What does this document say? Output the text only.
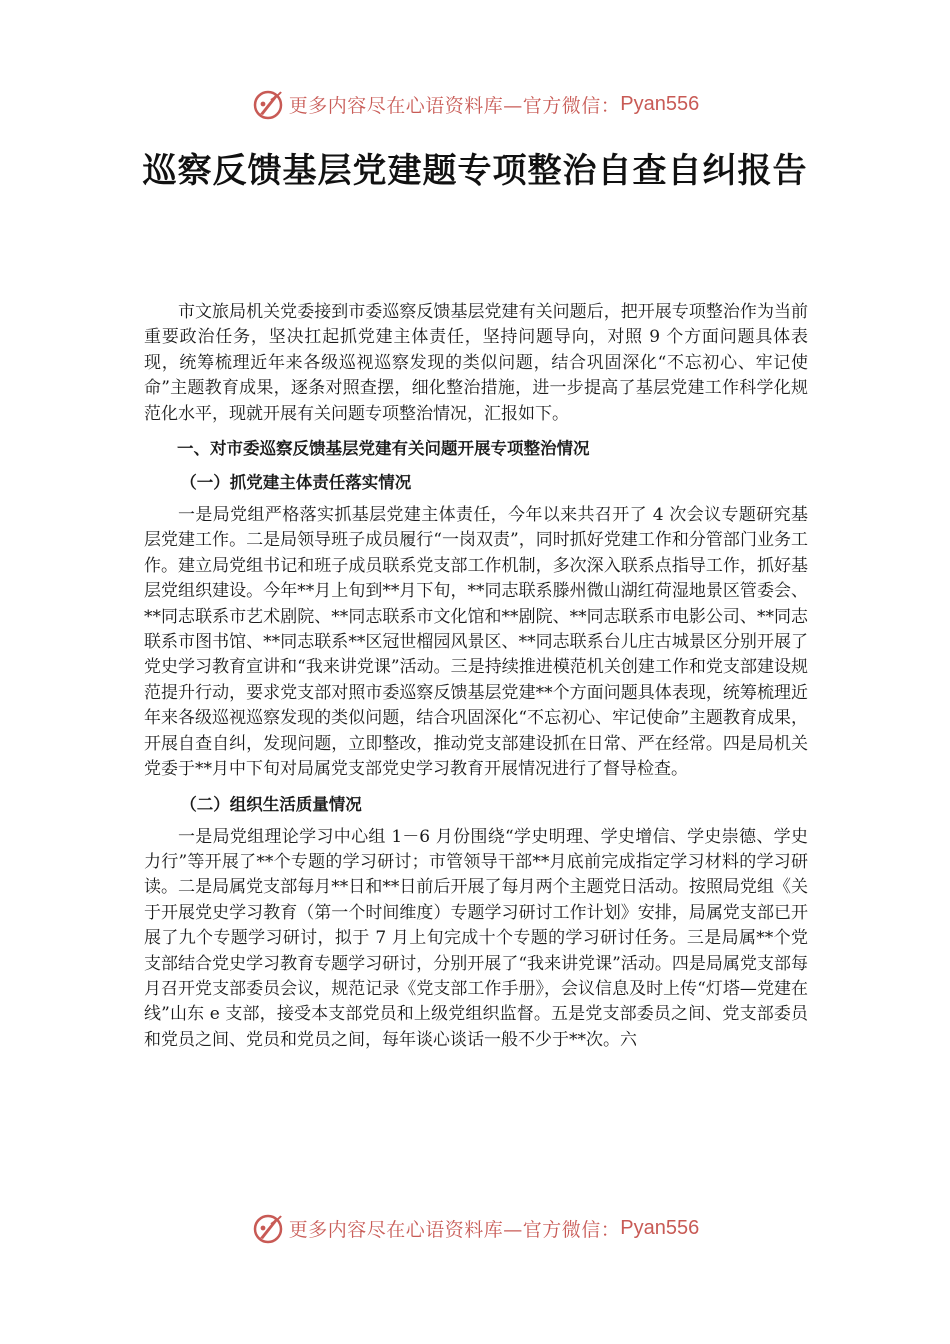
更多内容尽在心语资料库—官方微信： Pyan556
巡察反馈基层党建题专项整治自查自纠报告

市文旅局机关党委接到市委巡察反馈基层党建有关问题后，把开展专项整治作为当前重要政治任务，坚决扛起抓党建主体责任，坚持问题导向，对照 9 个方面问题具体表现，统筹梳理近年来各级巡视巡察发现的类似问题，结合巩固深化“不忘初心、牢记使命”主题教育成果，逐条对照查摆，细化整治措施，进一步提高了基层党建工作科学化规范化水平，现就开展有关问题专项整治情况，汇报如下。

一、对市委巡察反馈基层党建有关问题开展专项整治情况
（一）抓党建主体责任落实情况

一是局党组严格落实抓基层党建主体责任，今年以来共召开了 4 次会议专题研究基层党建工作。二是局领导班子成员履行“一岗双责”，同时抓好党建工作和分管部门业务工作。建立局党组书记和班子成员联系党支部工作机制，多次深入联系点指导工作，抓好基层党组织建设。今年**月上旬到**月下旬，**同志联系滕州微山湖红荷湿地景区管委会、**同志联系市艺术剧院、**同志联系市文化馆和**剧院、**同志联系市电影公司、**同志联系市图书馆、**同志联系**区冠世榴园风景区、**同志联系台儿庄古城景区分别开展了党史学习教育宣讲和“我来讲党课”活动。三是持续推进模范机关创建工作和党支部建设规范提升行动，要求党支部对照市委巡察反馈基层党建**个方面问题具体表现，统筹梳理近年来各级巡视巡察发现的类似问题，结合巩固深化“不忘初心、牢记使命”主题教育成果，开展自查自纠，发现问题，立即整改，推动党支部建设抓在日常、严在经常。四是局机关党委于**月中下旬对局属党支部党史学习教育开展情况进行了督导检查。

（二）组织生活质量情况

一是局党组理论学习中心组 1－6 月份围绕“学史明理、学史增信、学史崇德、学史力行”等开展了**个专题的学习研讨；市管领导干部**月底前完成指定学习材料的学习研读。二是局属党支部每月**日和**日前后开展了每月两个主题党日活动。按照局党组《关于开展党史学习教育（第一个时间维度）专题学习研讨工作计划》安排，局属党支部已开展了九个专题学习研讨，拟于 7 月上旬完成十个专题的学习研讨任务。三是局属**个党支部结合党史学习教育专题学习研讨，分别开展了“我来讲党课”活动。四是局属党支部每月召开党支部委员会议，规范记录《党支部工作手册》，会议信息及时上传“灯塔—党建在线”山东 e 支部，接受本支部党员和上级党组织监督。五是党支部委员之间、党支部委员和党员之间、党员和党员之间，每年谈心谈话一般不少于**次。六

更多内容尽在心语资料库—官方微信： Pyan556
